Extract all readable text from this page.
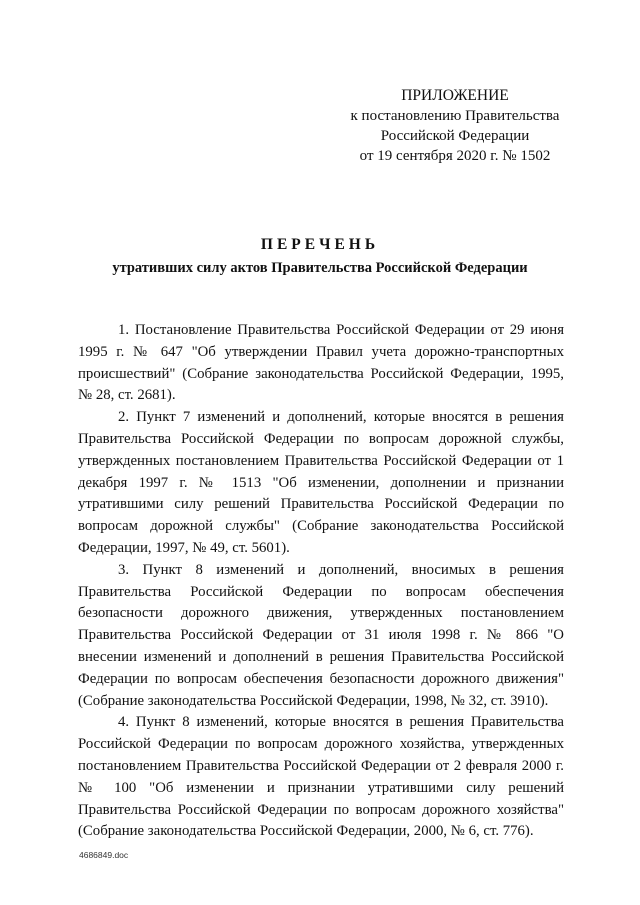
ПРИЛОЖЕНИЕ
к постановлению Правительства
Российской Федерации
от 19 сентября 2020 г. № 1502
ПЕРЕЧЕНЬ
утративших силу актов Правительства Российской Федерации

1. Постановление Правительства Российской Федерации от 29 июня 1995 г. № 647 "Об утверждении Правил учета дорожно-транспортных происшествий" (Собрание законодательства Российской Федерации, 1995, № 28, ст. 2681).

2. Пункт 7 изменений и дополнений, которые вносятся в решения Правительства Российской Федерации по вопросам дорожной службы, утвержденных постановлением Правительства Российской Федерации от 1 декабря 1997 г. № 1513 "Об изменении, дополнении и признании утратившими силу решений Правительства Российской Федерации по вопросам дорожной службы" (Собрание законодательства Российской Федерации, 1997, № 49, ст. 5601).

3. Пункт 8 изменений и дополнений, вносимых в решения Правительства Российской Федерации по вопросам обеспечения безопасности дорожного движения, утвержденных постановлением Правительства Российской Федерации от 31 июля 1998 г. № 866 "О внесении изменений и дополнений в решения Правительства Российской Федерации по вопросам обеспечения безопасности дорожного движения" (Собрание законодательства Российской Федерации, 1998, № 32, ст. 3910).

4. Пункт 8 изменений, которые вносятся в решения Правительства Российской Федерации по вопросам дорожного хозяйства, утвержденных постановлением Правительства Российской Федерации от 2 февраля 2000 г. № 100 "Об изменении и признании утратившими силу решений Правительства Российской Федерации по вопросам дорожного хозяйства" (Собрание законодательства Российской Федерации, 2000, № 6, ст. 776).

4686849.doc
